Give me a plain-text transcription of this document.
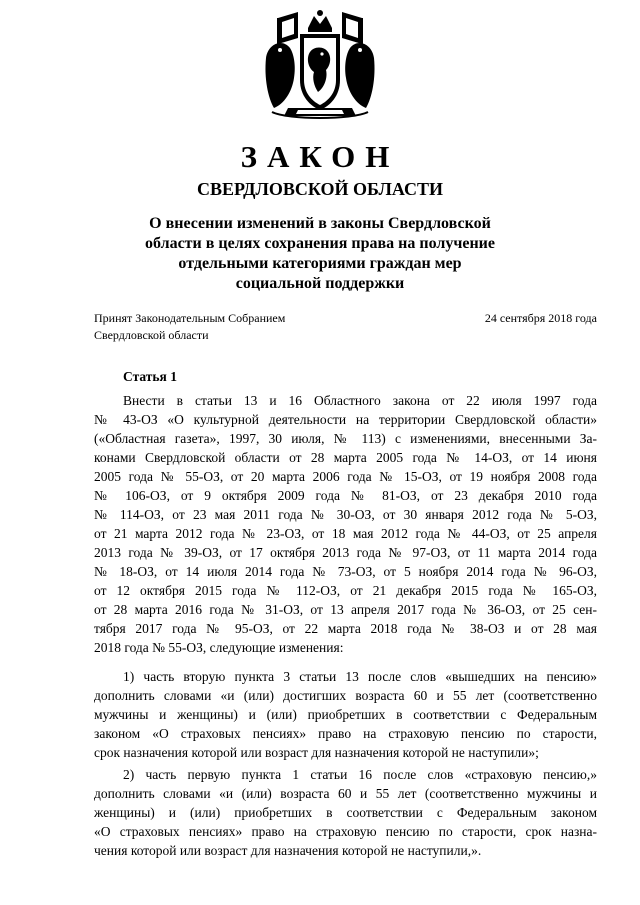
ЗАКОН
СВЕРДЛОВСКОЙ ОБЛАСТИ
О внесении изменений в законы Свердловской
области в целях сохранения права на получение
отдельными категориями граждан мер
социальной поддержки
Принят Законодательным Собранием
Свердловской области
24 сентября 2018 года
Статья 1
Внести в статьи 13 и 16 Областного закона от 22 июля 1997 года
№ 43-ОЗ «О культурной деятельности на территории Свердловской области»
(«Областная газета», 1997, 30 июля, № 113) с изменениями, внесенными За-
конами Свердловской области от 28 марта 2005 года № 14-ОЗ, от 14 июня
2005 года № 55-ОЗ, от 20 марта 2006 года № 15-ОЗ, от 19 ноября 2008 года
№ 106-ОЗ, от 9 октября 2009 года № 81-ОЗ, от 23 декабря 2010 года
№ 114-ОЗ, от 23 мая 2011 года № 30-ОЗ, от 30 января 2012 года № 5-ОЗ,
от 21 марта 2012 года № 23-ОЗ, от 18 мая 2012 года № 44-ОЗ, от 25 апреля
2013 года № 39-ОЗ, от 17 октября 2013 года № 97-ОЗ, от 11 марта 2014 года
№ 18-ОЗ, от 14 июля 2014 года № 73-ОЗ, от 5 ноября 2014 года № 96-ОЗ,
от 12 октября 2015 года № 112-ОЗ, от 21 декабря 2015 года № 165-ОЗ,
от 28 марта 2016 года № 31-ОЗ, от 13 апреля 2017 года № 36-ОЗ, от 25 сен-
тября 2017 года № 95-ОЗ, от 22 марта 2018 года № 38-ОЗ и от 28 мая
2018 года № 55-ОЗ, следующие изменения:
1) часть вторую пункта 3 статьи 13 после слов «вышедших на пенсию»
дополнить словами «и (или) достигших возраста 60 и 55 лет (соответственно
мужчины и женщины) и (или) приобретших в соответствии с Федеральным
законом «О страховых пенсиях» право на страховую пенсию по старости,
срок назначения которой или возраст для назначения которой не наступили»;
2) часть первую пункта 1 статьи 16 после слов «страховую пенсию,»
дополнить словами «и (или) возраста 60 и 55 лет (соответственно мужчины и
женщины) и (или) приобретших в соответствии с Федеральным законом
«О страховых пенсиях» право на страховую пенсию по старости, срок назна-
чения которой или возраст для назначения которой не наступили,».
